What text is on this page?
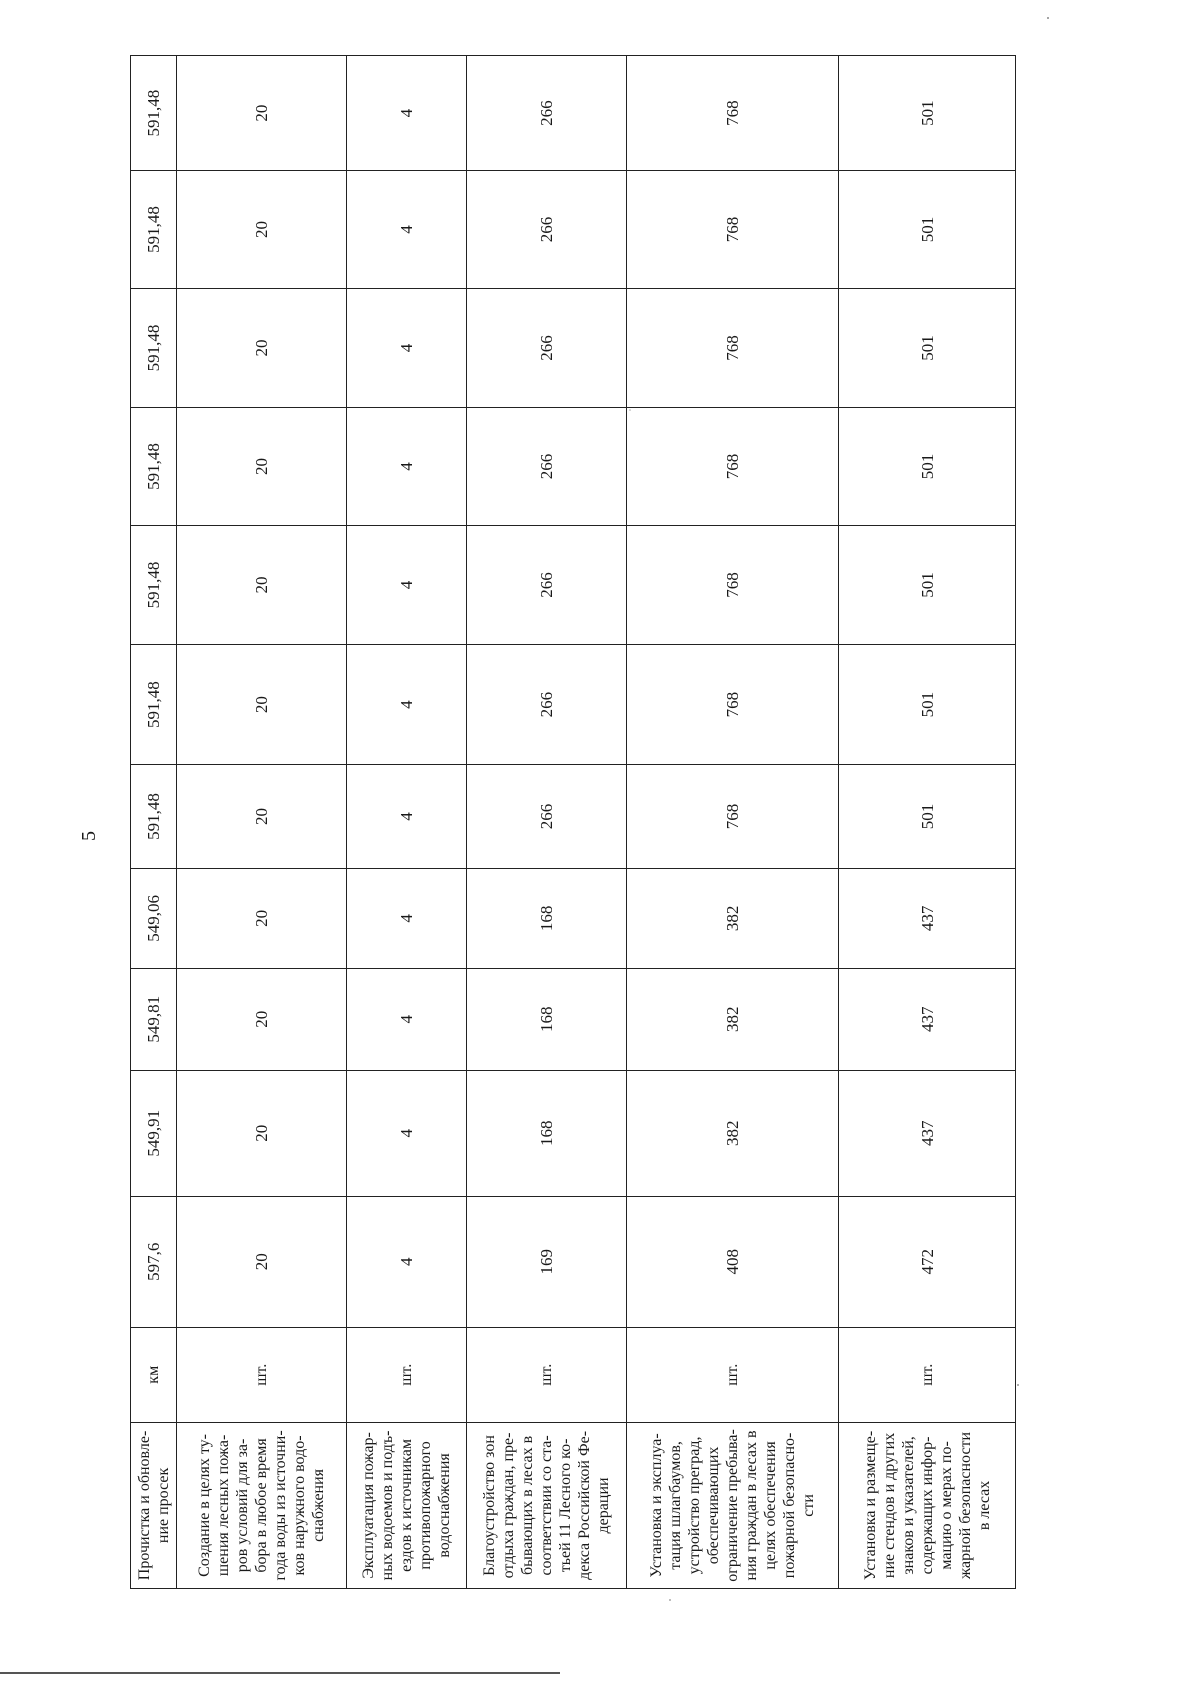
5
Прочистка и обновле-ние просек	км	597,6	549,91	549,81	549,06	591,48	591,48	591,48	591,48	591,48	591,48	591,48
Создание в целях ту-шения лесных пожа-ров условий для за-бора в любое время года воды из источни-ков наружного водо-снабжения	шт.	20	20	20	20	20	20	20	20	20	20	20
Эксплуатация пожар-ных водоемов и подъ-ездов к источникам противопожарного водоснабжения	шт.	4	4	4	4	4	4	4	4	4	4	4
Благоустройство зон отдыха граждан, пре-бывающих в лесах в соответствии со ста-тьей 11 Лесного ко-декса Российской Фе-дерации	шт.	169	168	168	168	266	266	266	266	266	266	266
Установка и эксплуа-тация шлагбаумов, устройство преград, обеспечивающих ограничение пребыва-ния граждан в лесах в целях обеспечения пожарной безопасно-сти	шт.	408	382	382	382	768	768	768	768	768	768	768
Установка и размеще-ние стендов и других знаков и указателей, содержащих инфор-мацию о мерах по-жарной безопасности в лесах	шт.	472	437	437	437	501	501	501	501	501	501	501
